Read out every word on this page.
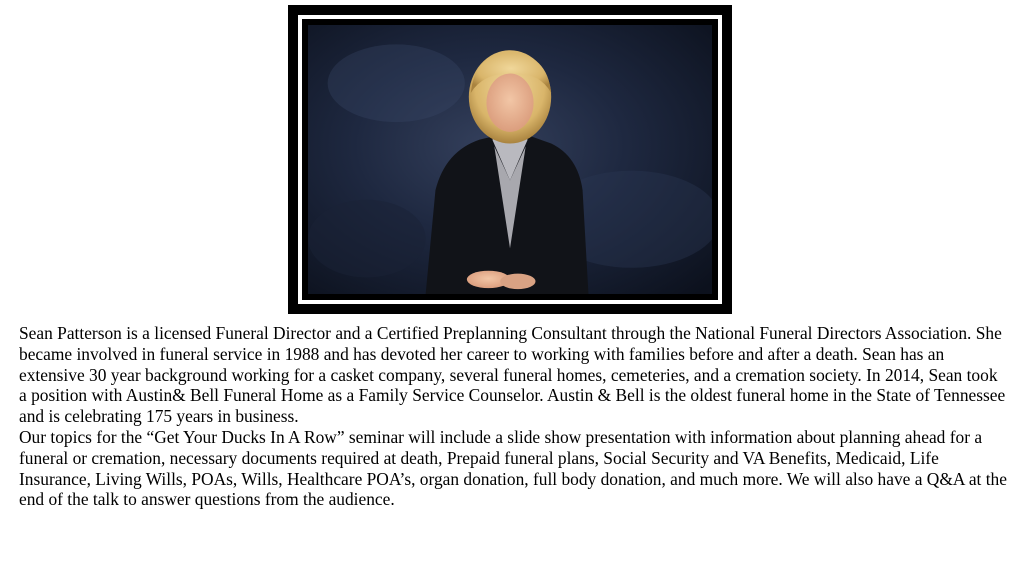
Sean Patterson is a licensed Funeral Director and a Certified Preplanning Consultant through the National Funeral Directors Association. She became involved in funeral service in 1988 and has devoted her career to working with families before and after a death. Sean has an extensive 30 year background working for a casket company, several funeral homes, cemeteries, and a cremation society. In 2014, Sean took a position with Austin& Bell Funeral Home as a Family Service Counselor. Austin & Bell is the oldest funeral home in the State of Tennessee and is celebrating 175 years in business.

Our topics for the “Get Your Ducks In A Row” seminar will include a slide show presentation with information about planning ahead for a funeral or cremation, necessary documents required at death, Prepaid funeral plans, Social Security and VA Benefits, Medicaid, Life Insurance, Living Wills, POAs, Wills, Healthcare POA’s, organ donation, full body donation, and much more. We will also have a Q&A at the end of the talk to answer questions from the audience.
